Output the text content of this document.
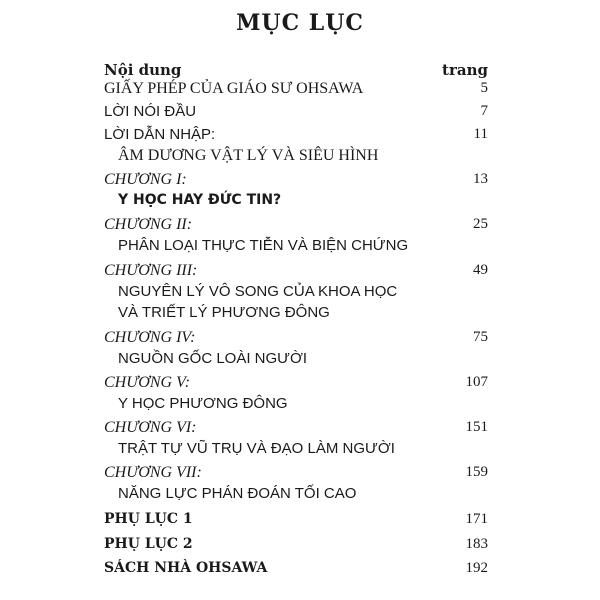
MỤC LỤC
Nội dung	trang
GIẤY PHÉP CỦA GIÁO SƯ OHSAWA	5
LỜI NÓI ĐẦU	7
LỜI DẪN NHẬP:	11
ÂM DƯƠNG VẬT LÝ VÀ SIÊU HÌNH
CHƯƠNG I:	13
Y HỌC HAY ĐỨC TIN?
CHƯƠNG II:	25
PHÂN LOẠI THỰC TIỄN VÀ BIỆN CHỨNG
CHƯƠNG III:	49
NGUYÊN LÝ VÔ SONG CỦA KHOA HỌC
VÀ TRIẾT LÝ PHƯƠNG ĐÔNG
CHƯƠNG IV:	75
NGUỒN GỐC LOÀI NGƯỜI
CHƯƠNG V:	107
Y HỌC PHƯƠNG ĐÔNG
CHƯƠNG VI:	151
TRẬT TỰ VŨ TRỤ VÀ ĐẠO LÀM NGƯỜI
CHƯƠNG VII:	159
NĂNG LỰC PHÁN ĐOÁN TỐI CAO
PHỤ LỤC 1	171
PHỤ LỤC 2	183
SÁCH NHÀ OHSAWA	192
